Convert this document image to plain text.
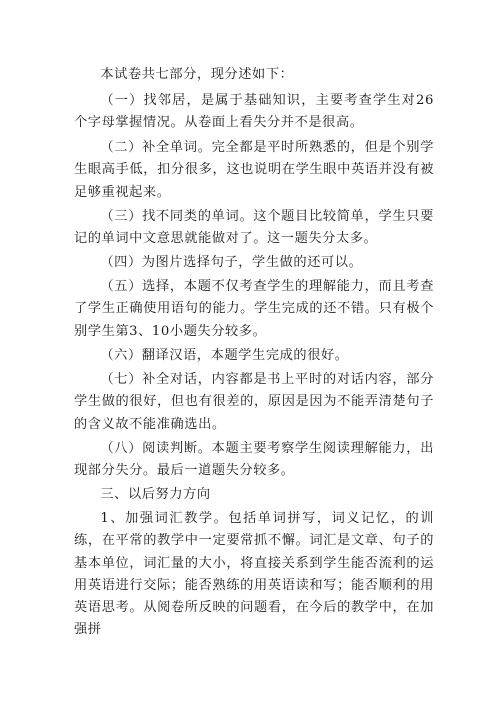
本试卷共七部分，现分述如下：

（一）找邻居，是属于基础知识，主要考查学生对26个字母掌握情况。从卷面上看失分并不是很高。

（二）补全单词。完全都是平时所熟悉的，但是个别学生眼高手低，扣分很多，这也说明在学生眼中英语并没有被足够重视起来。

（三）找不同类的单词。这个题目比较简单，学生只要记的单词中文意思就能做对了。这一题失分太多。

（四）为图片选择句子，学生做的还可以。

（五）选择，本题不仅考查学生的理解能力，而且考查了学生正确使用语句的能力。学生完成的还不错。只有极个别学生第3、10小题失分较多。

（六）翻译汉语，本题学生完成的很好。

（七）补全对话，内容都是书上平时的对话内容，部分学生做的很好，但也有很差的，原因是因为不能弄清楚句子的含义故不能准确选出。

（八）阅读判断。本题主要考察学生阅读理解能力，出现部分失分。最后一道题失分较多。

三、以后努力方向

1、加强词汇教学。包括单词拼写，词义记忆，的训练，在平常的教学中一定要常抓不懈。词汇是文章、句子的基本单位，词汇量的大小，将直接关系到学生能否流利的运用英语进行交际；能否熟练的用英语读和写；能否顺利的用英语思考。从阅卷所反映的问题看，在今后的教学中，在加强拼
